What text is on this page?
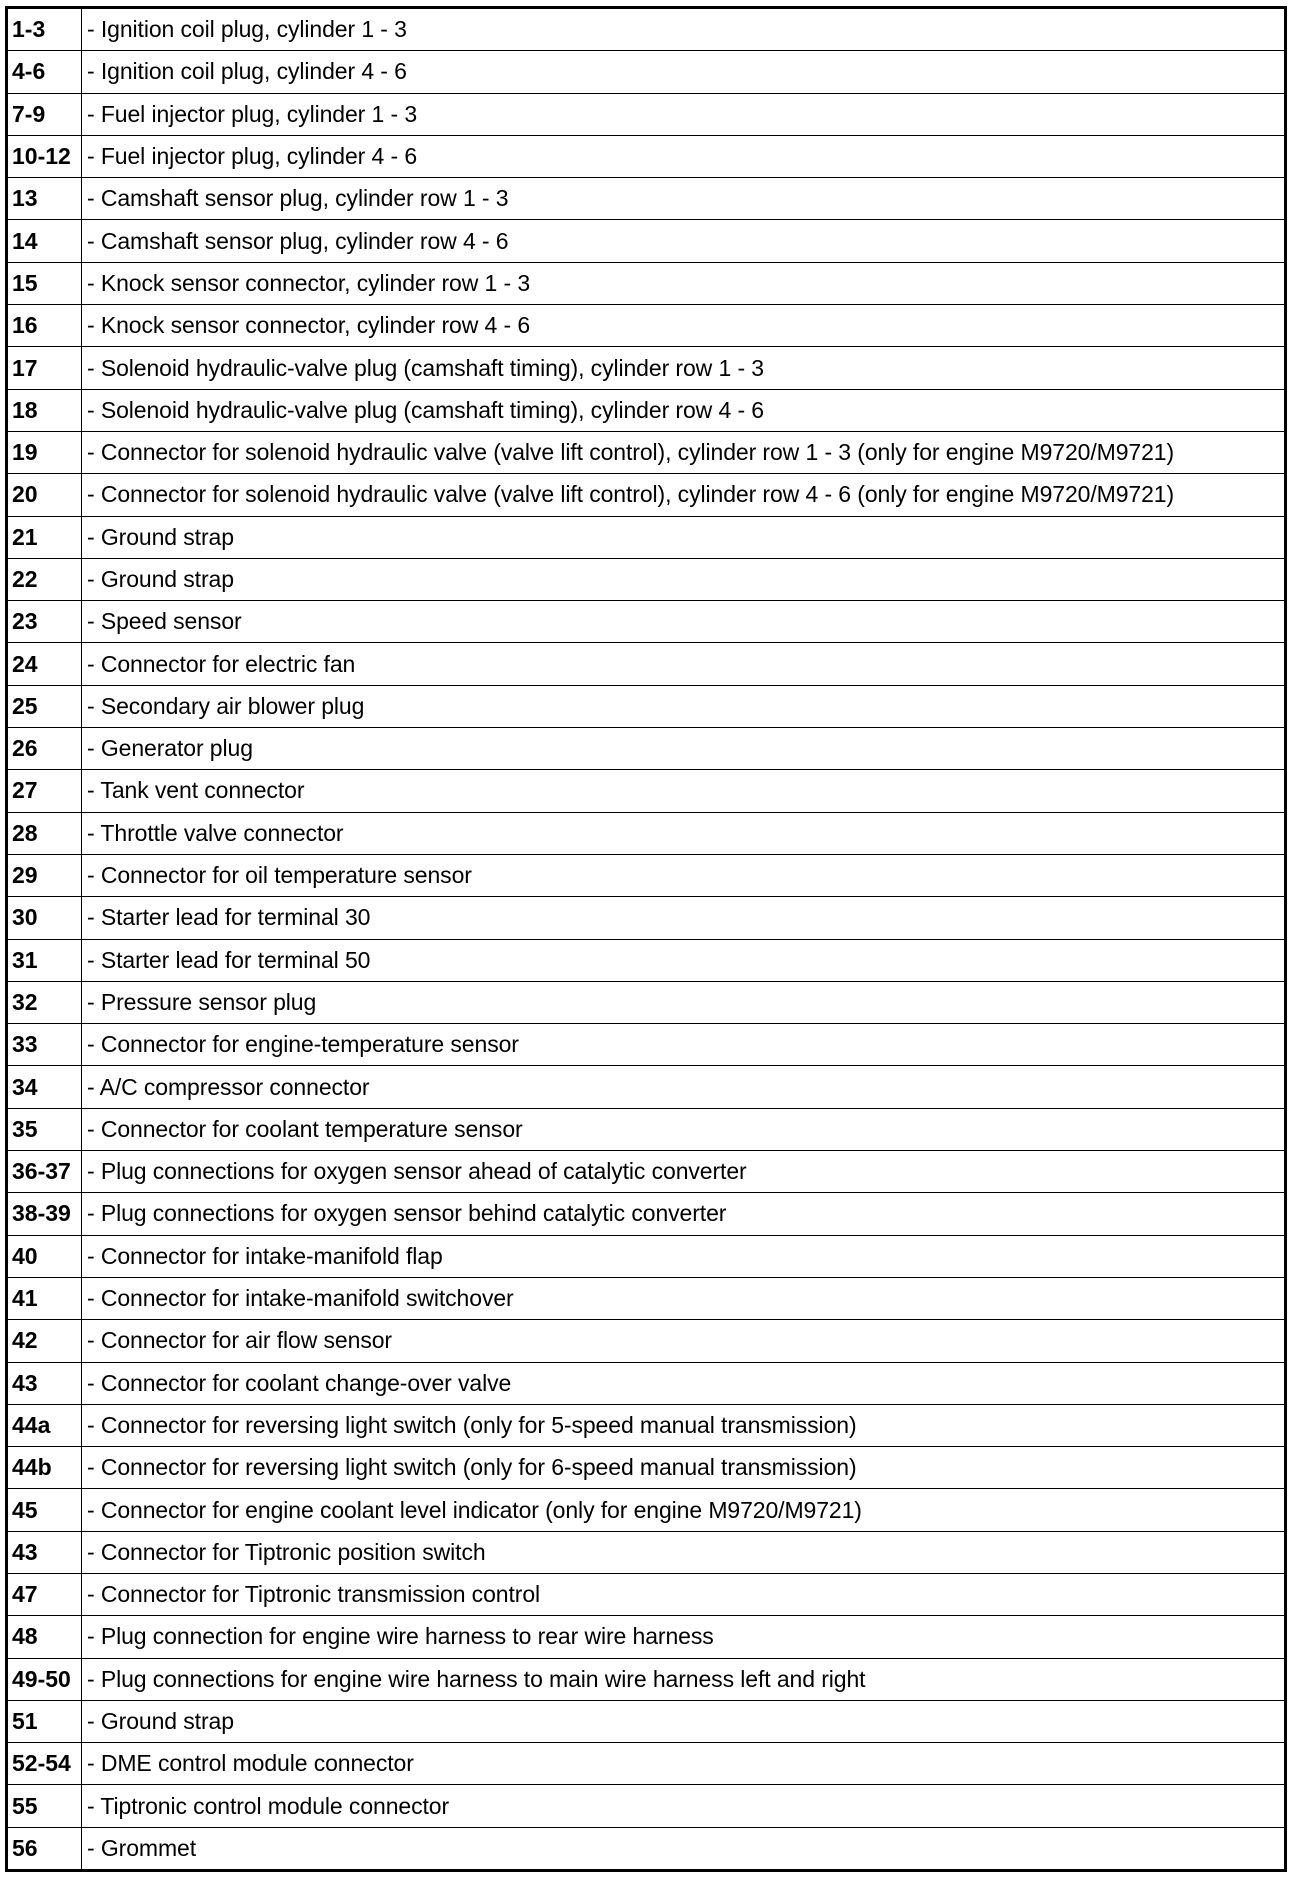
1-3	- Ignition coil plug, cylinder 1 - 3
4-6	- Ignition coil plug, cylinder 4 - 6
7-9	- Fuel injector plug, cylinder 1 - 3
10-12	- Fuel injector plug, cylinder 4 - 6
13	- Camshaft sensor plug, cylinder row 1 - 3
14	- Camshaft sensor plug, cylinder row 4 - 6
15	- Knock sensor connector, cylinder row 1 - 3
16	- Knock sensor connector, cylinder row 4 - 6
17	- Solenoid hydraulic-valve plug (camshaft timing), cylinder row 1 - 3
18	- Solenoid hydraulic-valve plug (camshaft timing), cylinder row 4 - 6
19	- Connector for solenoid hydraulic valve (valve lift control), cylinder row 1 - 3 (only for engine M9720/M9721)
20	- Connector for solenoid hydraulic valve (valve lift control), cylinder row 4 - 6 (only for engine M9720/M9721)
21	- Ground strap
22	- Ground strap
23	- Speed sensor
24	- Connector for electric fan
25	- Secondary air blower plug
26	- Generator plug
27	- Tank vent connector
28	- Throttle valve connector
29	- Connector for oil temperature sensor
30	- Starter lead for terminal 30
31	- Starter lead for terminal 50
32	- Pressure sensor plug
33	- Connector for engine-temperature sensor
34	- A/C compressor connector
35	- Connector for coolant temperature sensor
36-37	- Plug connections for oxygen sensor ahead of catalytic converter
38-39	- Plug connections for oxygen sensor behind catalytic converter
40	- Connector for intake-manifold flap
41	- Connector for intake-manifold switchover
42	- Connector for air flow sensor
43	- Connector for coolant change-over valve
44a	- Connector for reversing light switch (only for 5-speed manual transmission)
44b	- Connector for reversing light switch (only for 6-speed manual transmission)
45	- Connector for engine coolant level indicator (only for engine M9720/M9721)
43	- Connector for Tiptronic position switch
47	- Connector for Tiptronic transmission control
48	- Plug connection for engine wire harness to rear wire harness
49-50	- Plug connections for engine wire harness to main wire harness left and right
51	- Ground strap
52-54	- DME control module connector
55	- Tiptronic control module connector
56	- Grommet
